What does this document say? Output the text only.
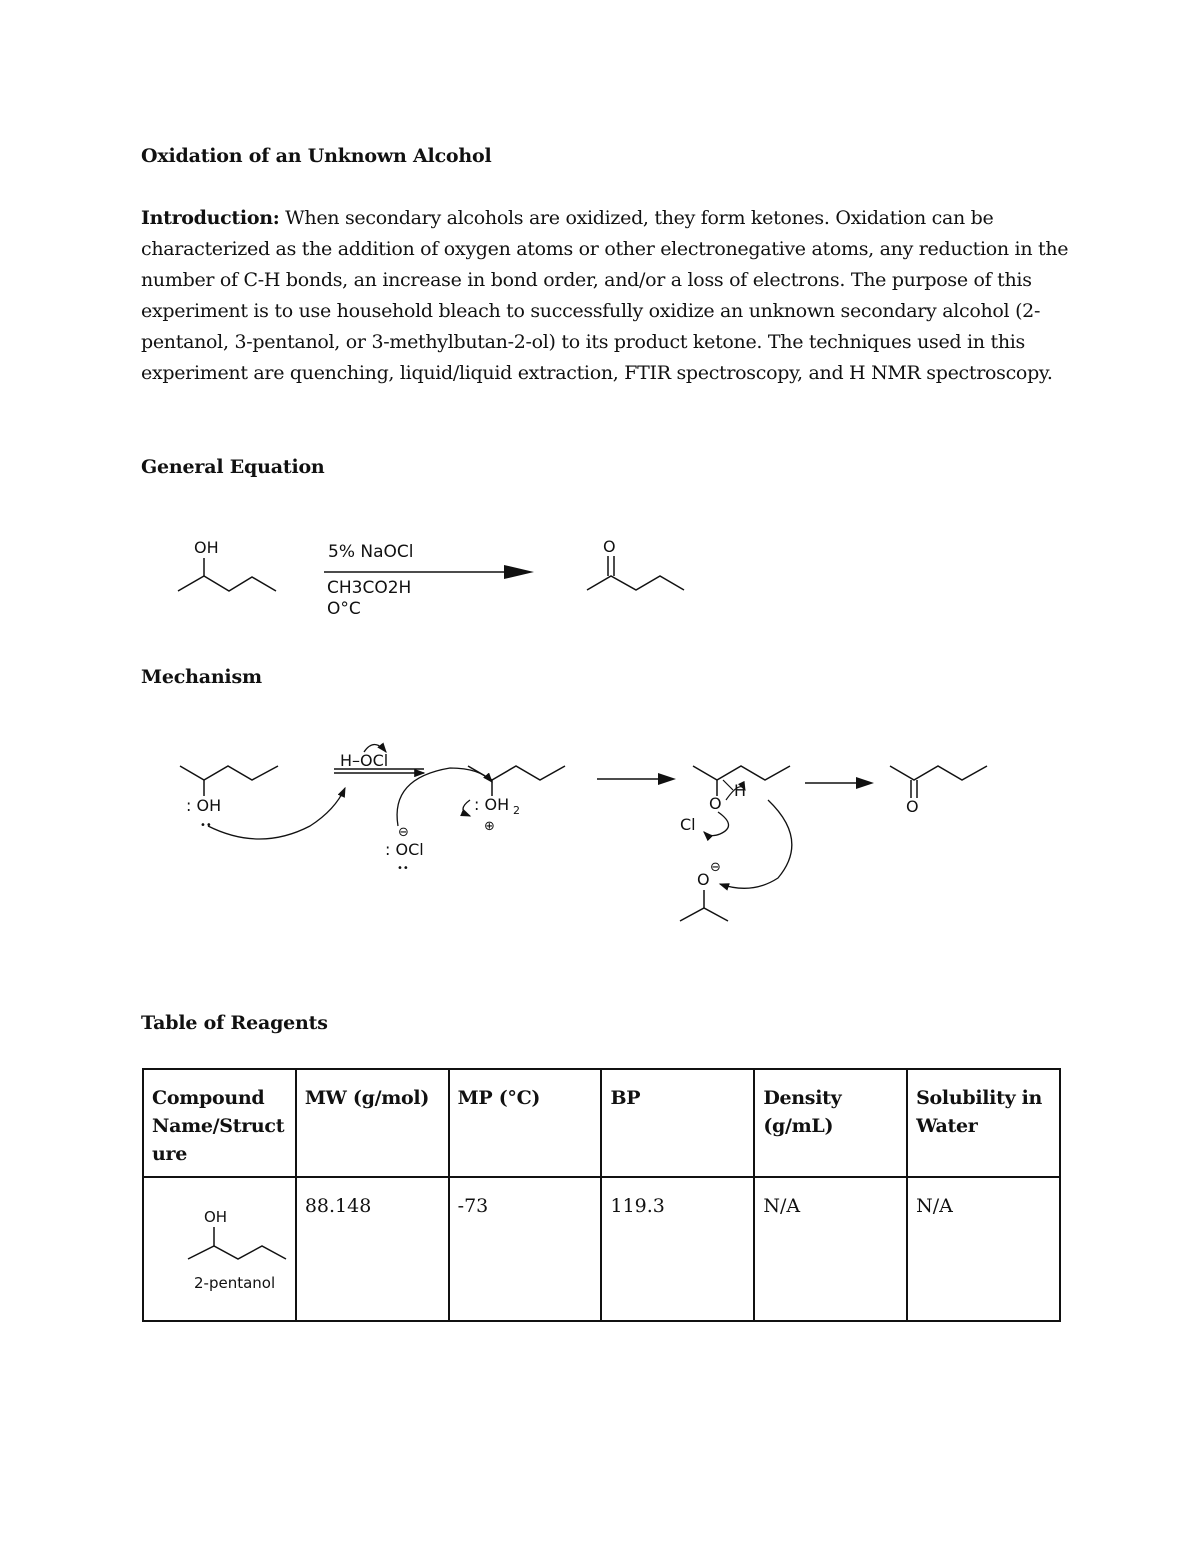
Oxidation of an Unknown Alcohol
Introduction: When secondary alcohols are oxidized, they form ketones. Oxidation can be characterized as the addition of oxygen atoms or other electronegative atoms, any reduction in the number of C-H bonds, an increase in bond order, and/or a loss of electrons. The purpose of this experiment is to use household bleach to successfully oxidize an unknown secondary alcohol (2-pentanol, 3-pentanol, or 3-methylbutan-2-ol) to its product ketone. The techniques used in this experiment are quenching, liquid/liquid extraction, FTIR spectroscopy, and H NMR spectroscopy.
General Equation
Mechanism
Table of Reagents
OH	5% NaOCl
CH3CO2H
O°C
O
: OH
••
H–OCl
⊖
: OCl
••
: OH 2
⊕
H
O
Cl
⊖
O
O
Compound Name/Struct ure	MW (g/mol)	MP (°C)	BP	Density (g/mL)	Solubility in Water

OH
2-pentanol	88.148	-73	119.3	N/A	N/A
